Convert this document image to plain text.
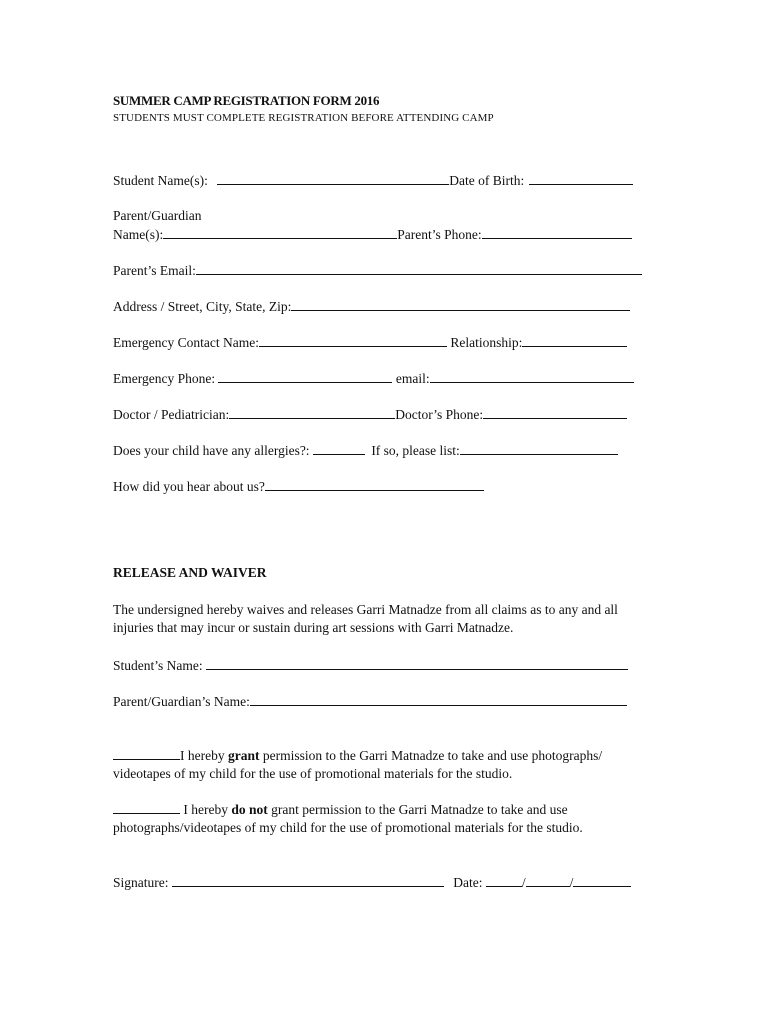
SUMMER CAMP REGISTRATION FORM 2016
STUDENTS MUST COMPLETE REGISTRATION BEFORE ATTENDING CAMP
Student Name(s):	Date of Birth:
Parent/Guardian
Name(s):	Parent’s Phone:
Parent’s Email:
Address / Street, City, State, Zip:
Emergency Contact Name:	Relationship:
Emergency Phone:	email:
Doctor / Pediatrician:	Doctor’s Phone:
Does your child have any allergies?:	If so, please list:
How did you hear about us?
RELEASE AND WAIVER
The undersigned hereby waives and releases Garri Matnadze from all claims as to any and all injuries that may incur or sustain during art sessions with Garri Matnadze.
Student’s Name:
Parent/Guardian’s Name:
I hereby grant permission to the Garri Matnadze to take and use photographs/ videotapes of my child for the use of promotional materials for the studio.
I hereby do not grant permission to the Garri Matnadze to take and use photographs/videotapes of my child for the use of promotional materials for the studio.
Signature:	Date:	/	/
